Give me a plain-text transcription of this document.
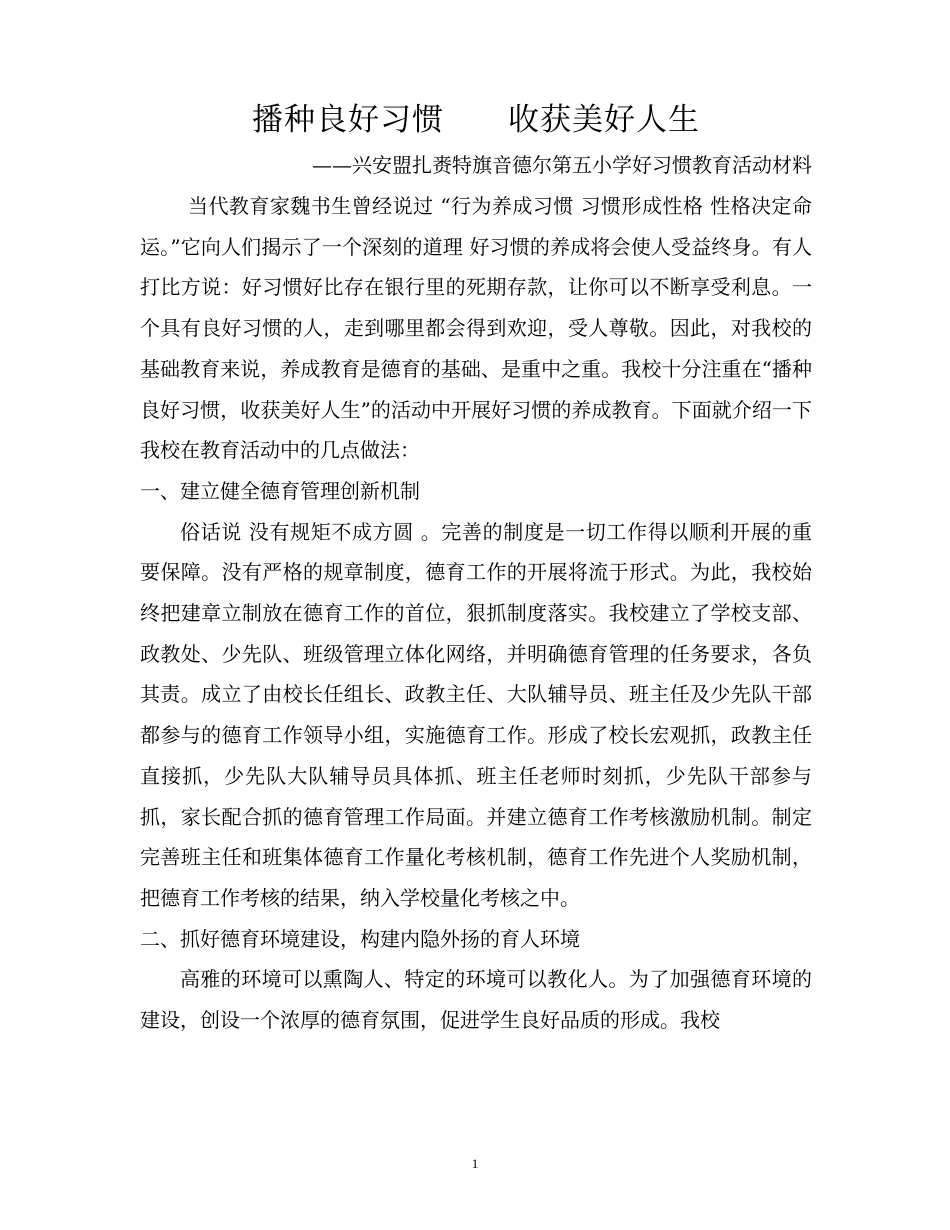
播种良好习惯　　收获美好人生
——兴安盟扎赉特旗音德尔第五小学好习惯教育活动材料

当代教育家魏书生曾经说过 “行为养成习惯 习惯形成性格 性格决定命运。”它向人们揭示了一个深刻的道理 好习惯的养成将会使人受益终身。有人打比方说：好习惯好比存在银行里的死期存款，让你可以不断享受利息。一个具有良好习惯的人，走到哪里都会得到欢迎，受人尊敬。因此，对我校的基础教育来说，养成教育是德育的基础、是重中之重。我校十分注重在“播种良好习惯，收获美好人生”的活动中开展好习惯的养成教育。下面就介绍一下我校在教育活动中的几点做法：

一、建立健全德育管理创新机制

俗话说 没有规矩不成方圆 。完善的制度是一切工作得以顺利开展的重要保障。没有严格的规章制度，德育工作的开展将流于形式。为此，我校始终把建章立制放在德育工作的首位，狠抓制度落实。我校建立了学校支部、政教处、少先队、班级管理立体化网络，并明确德育管理的任务要求，各负其责。成立了由校长任组长、政教主任、大队辅导员、班主任及少先队干部都参与的德育工作领导小组，实施德育工作。形成了校长宏观抓，政教主任直接抓，少先队大队辅导员具体抓、班主任老师时刻抓，少先队干部参与抓，家长配合抓的德育管理工作局面。并建立德育工作考核激励机制。制定完善班主任和班集体德育工作量化考核机制，德育工作先进个人奖励机制，把德育工作考核的结果，纳入学校量化考核之中。

二、抓好德育环境建设，构建内隐外扬的育人环境

高雅的环境可以熏陶人、特定的环境可以教化人。为了加强德育环境的建设，创设一个浓厚的德育氛围，促进学生良好品质的形成。我校

1
